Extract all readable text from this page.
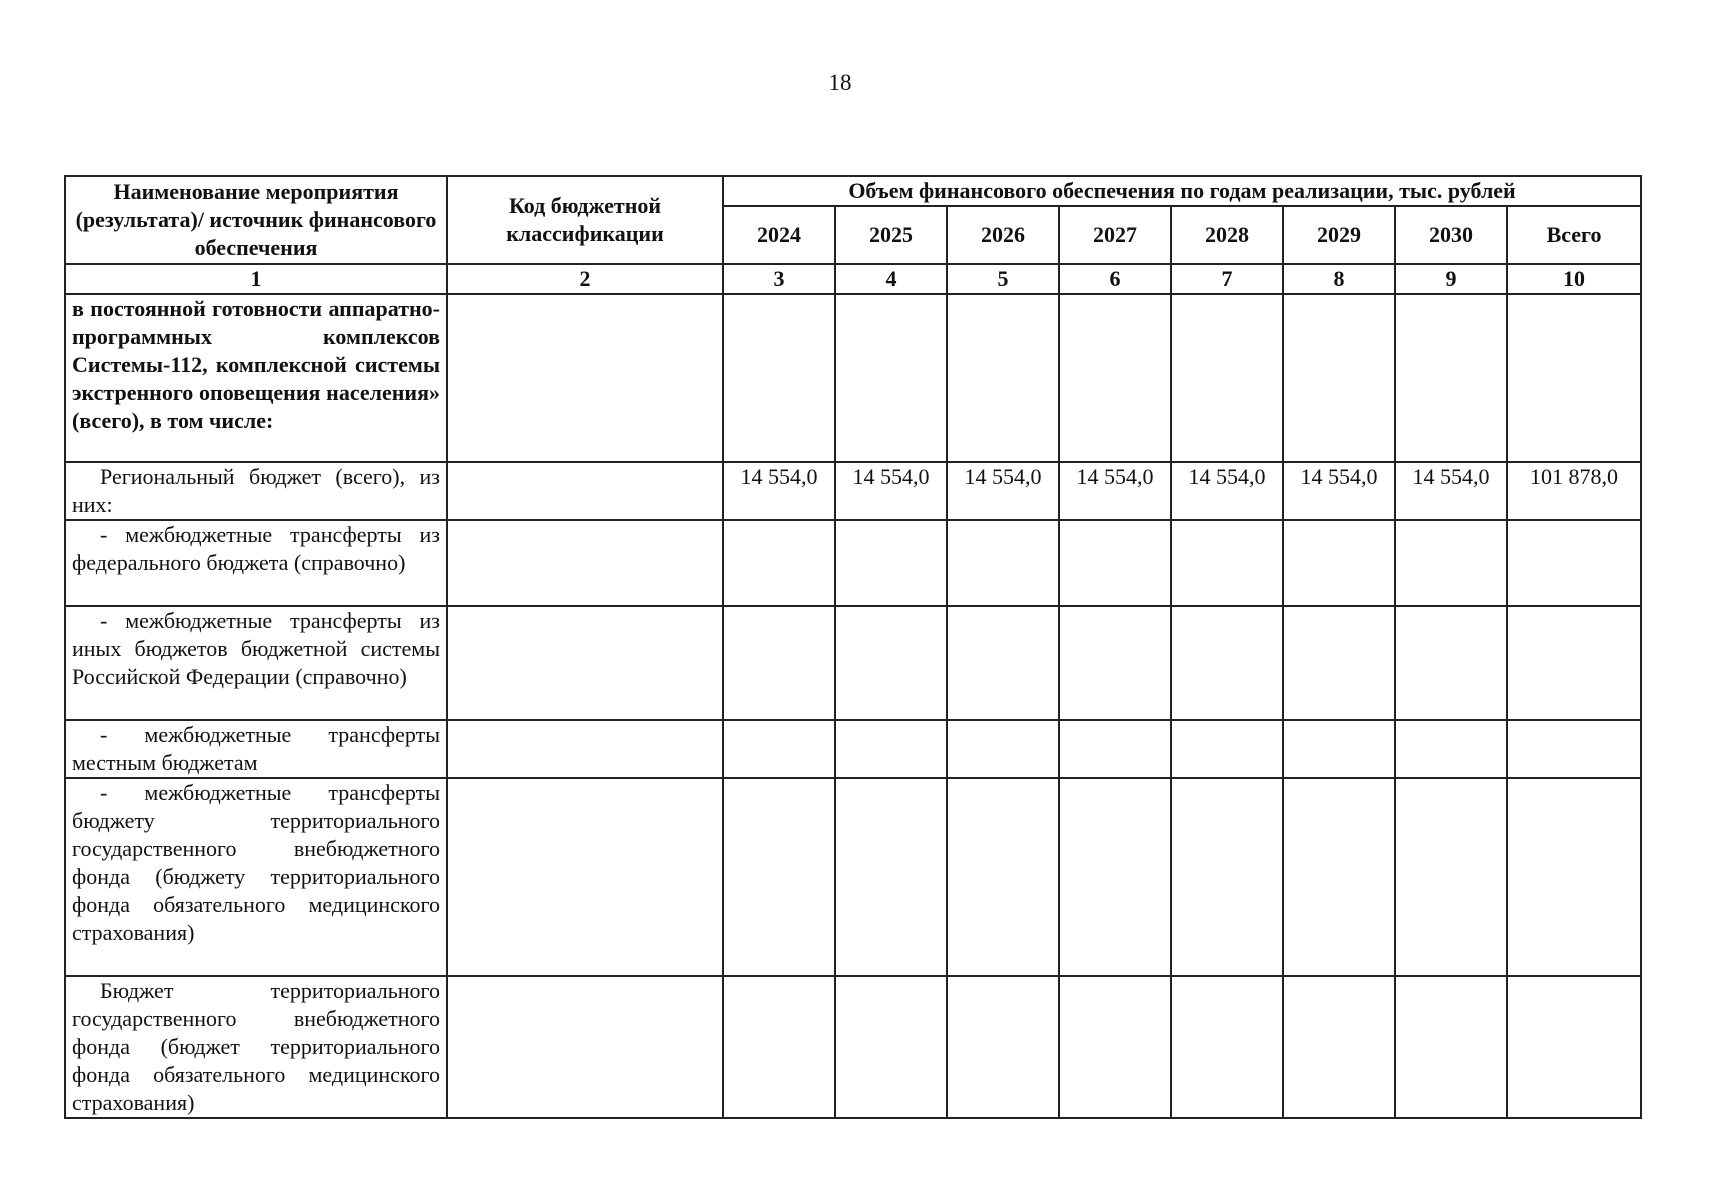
18
Наименование мероприятия (результата)/ источник финансового обеспечения	Код бюджетной классификации	Объем финансового обеспечения по годам реализации, тыс. рублей							
		2024	2025	2026	2027	2028	2029	2030	Всего
1	2	3	4	5	6	7	8	9	10
в постоянной готовности аппаратно-программных комплексов Системы-112, комплексной системы экстренного оповещения населения» (всего), в том числе:									
Региональный бюджет (всего), из них:		14 554,0	14 554,0	14 554,0	14 554,0	14 554,0	14 554,0	14 554,0	101 878,0
- межбюджетные трансферты из федерального бюджета (справочно)									
- межбюджетные трансферты из иных бюджетов бюджетной системы Российской Федерации (справочно)									
- межбюджетные трансферты местным бюджетам									
- межбюджетные трансферты бюджету территориального государственного внебюджетного фонда (бюджету территориального фонда обязательного медицинского страхования)									
Бюджет территориального государственного внебюджетного фонда (бюджет территориального фонда обязательного медицинского страхования)									
